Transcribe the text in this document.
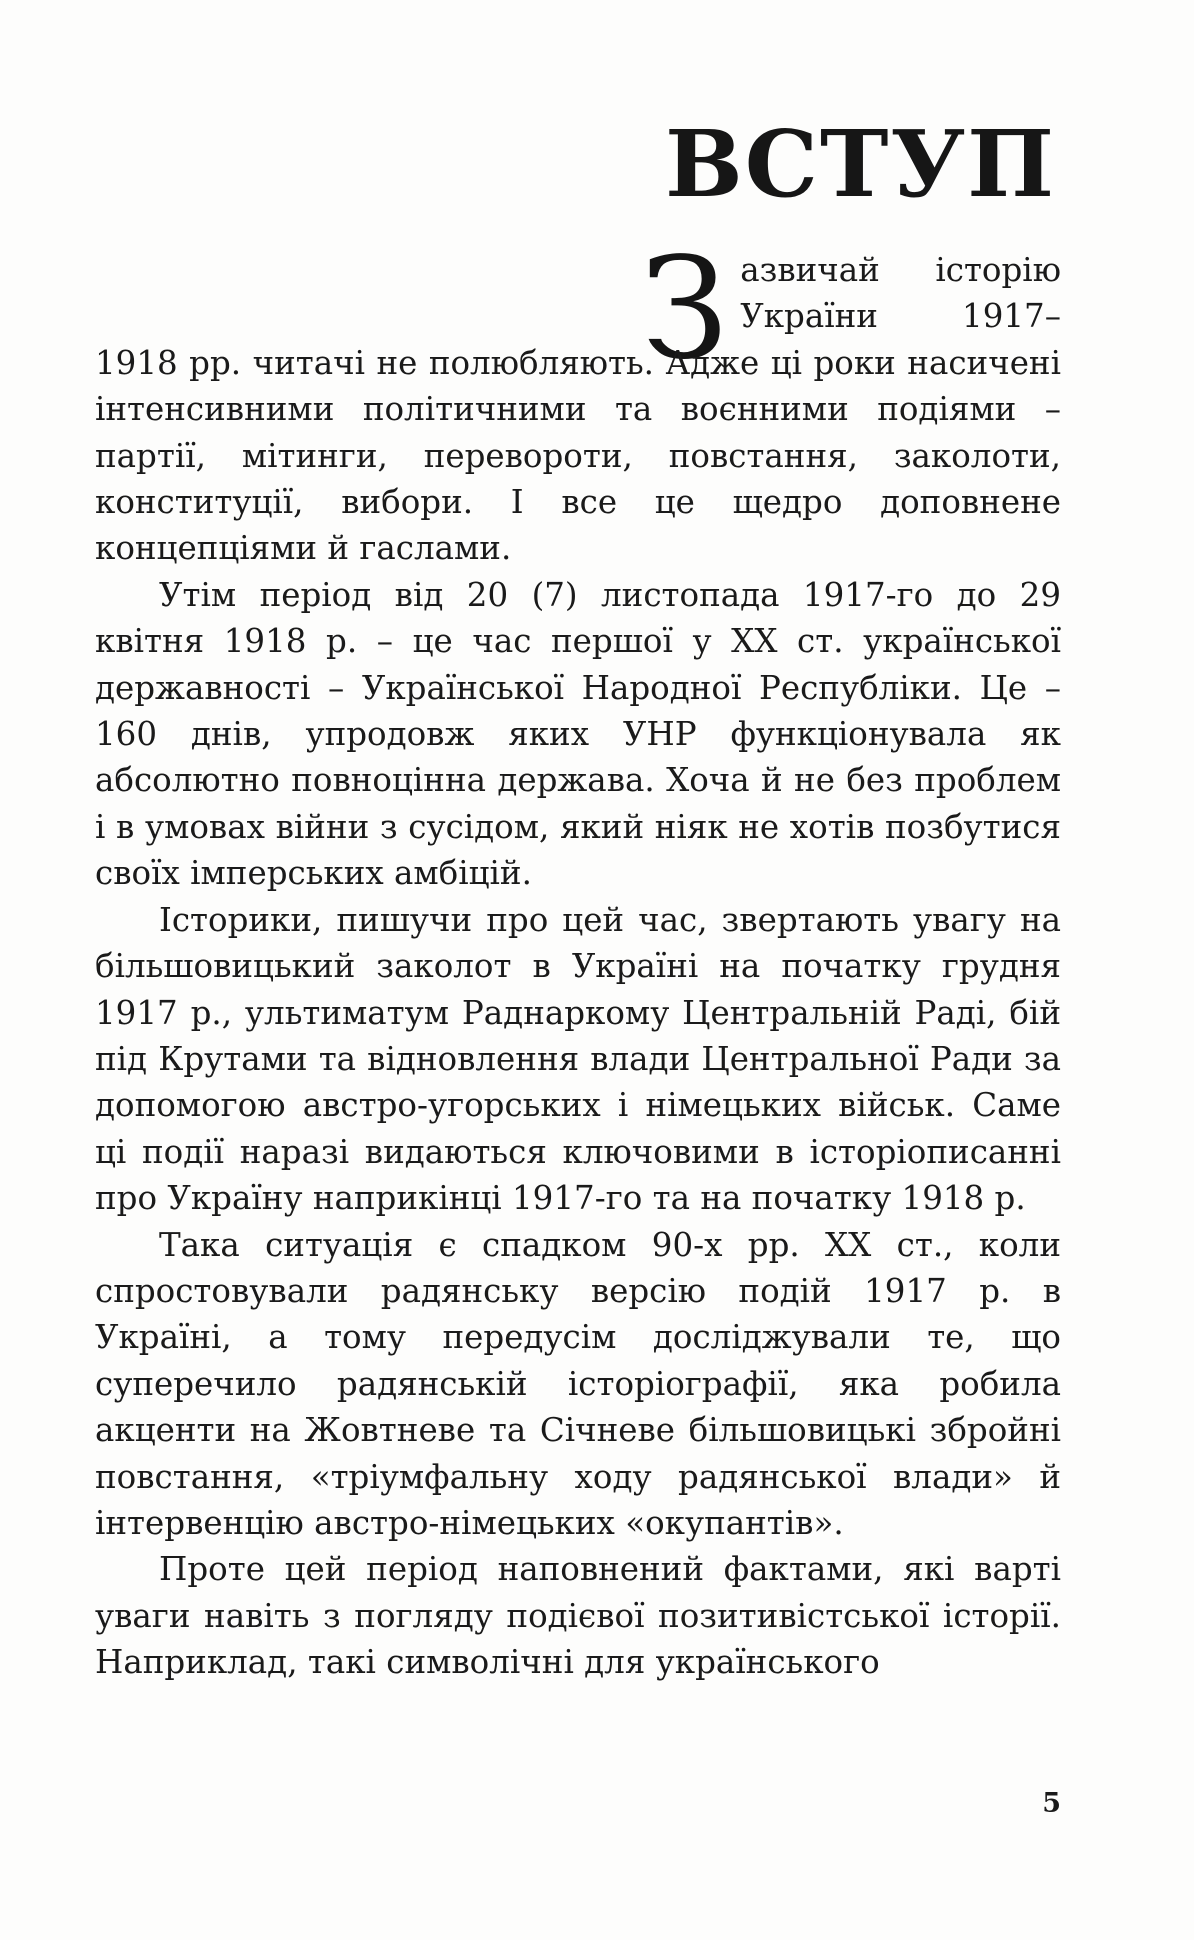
ВСТУП

Зазвичай історію України 1917–1918 рр. читачі не полюбляють. Адже ці роки насичені інтенсивними політичними та воєнними подіями – партії, мітинги, перевороти, повстання, заколоти, конституції, вибори. І все це щедро доповнене концепціями й гаслами.

Утім період від 20 (7) листопада 1917-го до 29 квітня 1918 р. – це час першої у ХХ ст. української державності – Української Народної Республіки. Це – 160 днів, упродовж яких УНР функціонувала як абсолютно повноцінна держава. Хоча й не без проблем і в умовах війни з сусідом, який ніяк не хотів позбутися своїх імперських амбіцій.

Історики, пишучи про цей час, звертають увагу на більшовицький заколот в Україні на початку грудня 1917 р., ультиматум Раднаркому Центральній Раді, бій під Крутами та відновлення влади Центральної Ради за допомогою австро-угорських і німецьких військ. Саме ці події наразі видаються ключовими в історіописанні про Україну наприкінці 1917-го та на початку 1918 р.

Така ситуація є спадком 90-х рр. ХХ ст., коли спростовували радянську версію подій 1917 р. в Україні, а тому передусім досліджували те, що суперечило радянській історіографії, яка робила акценти на Жовтневе та Січневе більшовицькі збройні повстання, «тріумфальну ходу радянської влади» й інтервенцію австро-німецьких «окупантів».

Проте цей період наповнений фактами, які варті уваги навіть з погляду подієвої позитивістської історії. Наприклад, такі символічні для українського

5
